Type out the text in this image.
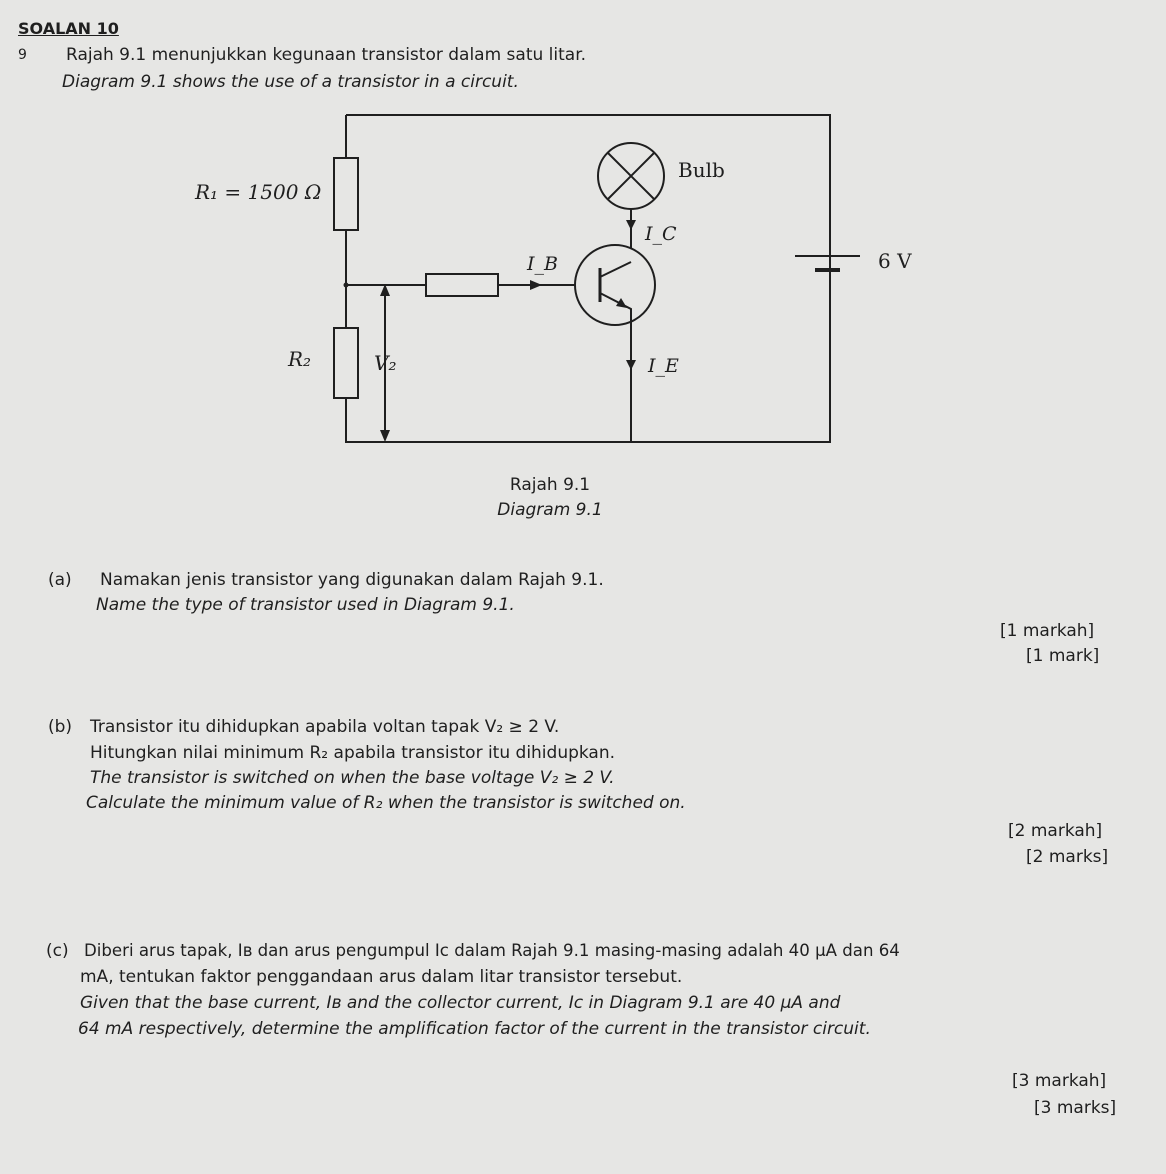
SOALAN 10
9 Rajah 9.1 menunjukkan kegunaan transistor dalam satu litar.
Diagram 9.1 shows the use of a transistor in a circuit.
R₁ = 1500 Ω
R₂	V₂
I_B
I_C
I_E
Bulb
6 V
Rajah 9.1
Diagram 9.1
(a) Namakan jenis transistor yang digunakan dalam Rajah 9.1.
Name the type of transistor used in Diagram 9.1.
[1 markah]
[1 mark]
(b) Transistor itu dihidupkan apabila voltan tapak V₂ ≥ 2 V.
Hitungkan nilai minimum R₂ apabila transistor itu dihidupkan.
The transistor is switched on when the base voltage V₂ ≥ 2 V.
Calculate the minimum value of R₂ when the transistor is switched on.
[2 markah]
[2 marks]
(c) Diberi arus tapak, Iʙ dan arus pengumpul Iᴄ dalam Rajah 9.1 masing-masing adalah 40 μA dan 64
mA, tentukan faktor penggandaan arus dalam litar transistor tersebut.
Given that the base current, Iʙ and the collector current, Iᴄ in Diagram 9.1 are 40 μA and
64 mA respectively, determine the amplification factor of the current in the transistor circuit.
[3 markah]
[3 marks]
